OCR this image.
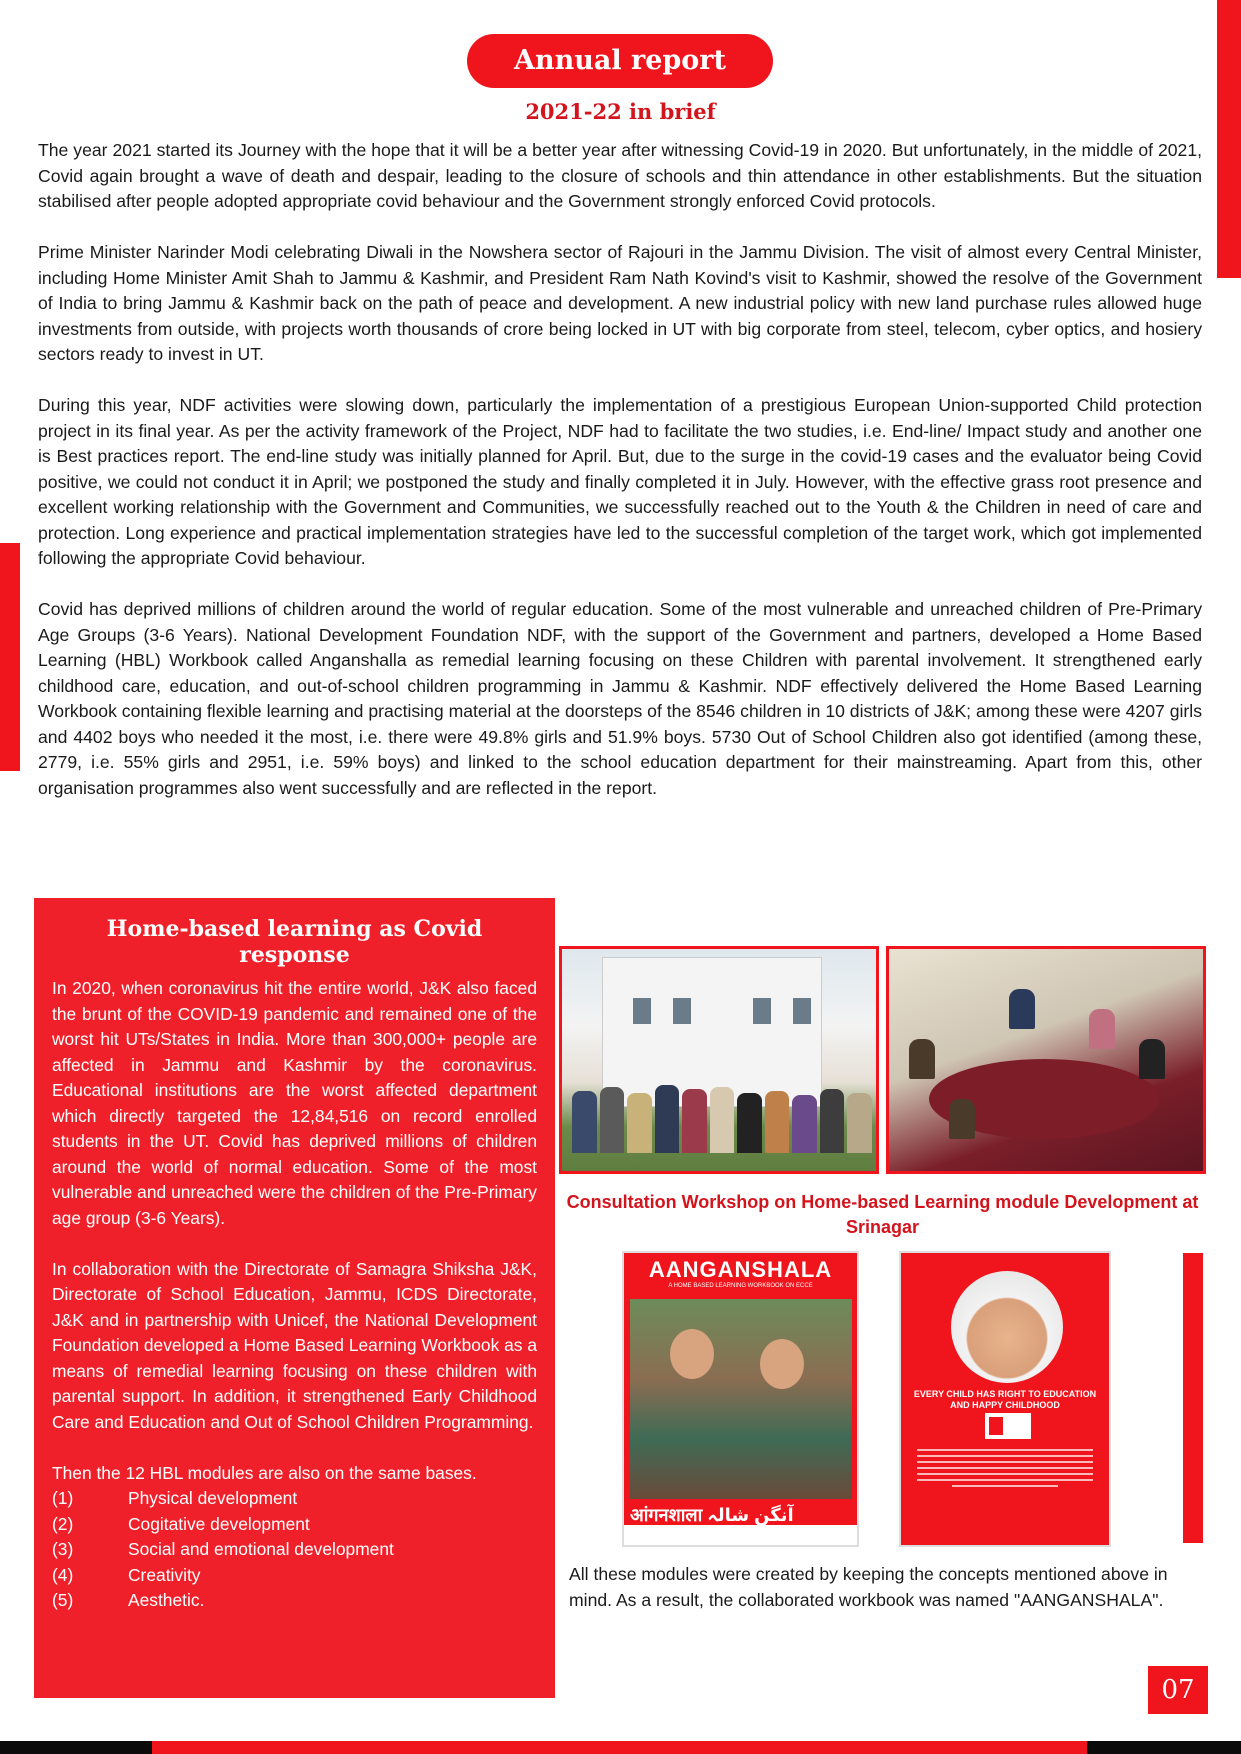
Annual report
2021-22 in brief

The year 2021 started its Journey with the hope that it will be a better year after witnessing Covid-19 in 2020. But unfortunately, in the middle of 2021, Covid again brought a wave of death and despair, leading to the closure of schools and thin attendance in other establishments. But the situation stabilised after people adopted appropriate covid behaviour and the Government strongly enforced Covid protocols.

Prime Minister Narinder Modi celebrating Diwali in the Nowshera sector of Rajouri in the Jammu Division. The visit of almost every Central Minister, including Home Minister Amit Shah to Jammu & Kashmir, and President Ram Nath Kovind's visit to Kashmir, showed the resolve of the Government of India to bring Jammu & Kashmir back on the path of peace and development. A new industrial policy with new land purchase rules allowed huge investments from outside, with projects worth thousands of crore being locked in UT with big corporate from steel, telecom, cyber optics, and hosiery sectors ready to invest in UT.

During this year, NDF activities were slowing down, particularly the implementation of a prestigious European Union-supported Child protection project in its final year. As per the activity framework of the Project, NDF had to facilitate the two studies, i.e. End-line/ Impact study and another one is Best practices report. The end-line study was initially planned for April. But, due to the surge in the covid-19 cases and the evaluator being Covid positive, we could not conduct it in April; we postponed the study and finally completed it in July. However, with the effective grass root presence and excellent working relationship with the Government and Communities, we successfully reached out to the Youth & the Children in need of care and protection. Long experience and practical implementation strategies have led to the successful completion of the target work, which got implemented following the appropriate Covid behaviour.

Covid has deprived millions of children around the world of regular education. Some of the most vulnerable and unreached children of Pre-Primary Age Groups (3-6 Years). National Development Foundation NDF, with the support of the Government and partners, developed a Home Based Learning (HBL) Workbook called Anganshalla as remedial learning focusing on these Children with parental involvement. It strengthened early childhood care, education, and out-of-school children programming in Jammu & Kashmir. NDF effectively delivered the Home Based Learning Workbook containing flexible learning and practising material at the doorsteps of the 8546 children in 10 districts of J&K; among these were 4207 girls and 4402 boys who needed it the most, i.e. there were 49.8% girls and 51.9% boys. 5730 Out of School Children also got identified (among these, 2779, i.e. 55% girls and 2951, i.e. 59% boys) and linked to the school education department for their mainstreaming. Apart from this, other organisation programmes also went successfully and are reflected in the report.

Home-based learning as Covid response

In 2020, when coronavirus hit the entire world, J&K also faced the brunt of the COVID-19 pandemic and remained one of the worst hit UTs/States in India. More than 300,000+ people are affected in Jammu and Kashmir by the coronavirus. Educational institutions are the worst affected department which directly targeted the 12,84,516 on record enrolled students in the UT. Covid has deprived millions of children around the world of normal education. Some of the most vulnerable and unreached were the children of the Pre-Primary age group (3-6 Years).

In collaboration with the Directorate of Samagra Shiksha J&K, Directorate of School Education, Jammu, ICDS Directorate, J&K and in partnership with Unicef, the National Development Foundation developed a Home Based Learning Workbook as a means of remedial learning focusing on these children with parental support. In addition, it strengthened Early Childhood Care and Education and Out of School Children Programming.

Then the 12 HBL modules are also on the same bases.
(1)	Physical development
(2)	Cogitative development
(3)	Social and emotional development
(4)	Creativity
(5)	Aesthetic.
Consultation Workshop on Home-based Learning module Development at Srinagar
AANGANSHALA
A HOME BASED LEARNING WORKBOOK ON ECCE
आंगनशाला آنگن شالہ
EVERY CHILD HAS RIGHT TO EDUCATION AND HAPPY CHILDHOOD
All these modules were created by keeping the concepts mentioned above in mind. As a result, the collaborated workbook was named "AANGANSHALA".
07
